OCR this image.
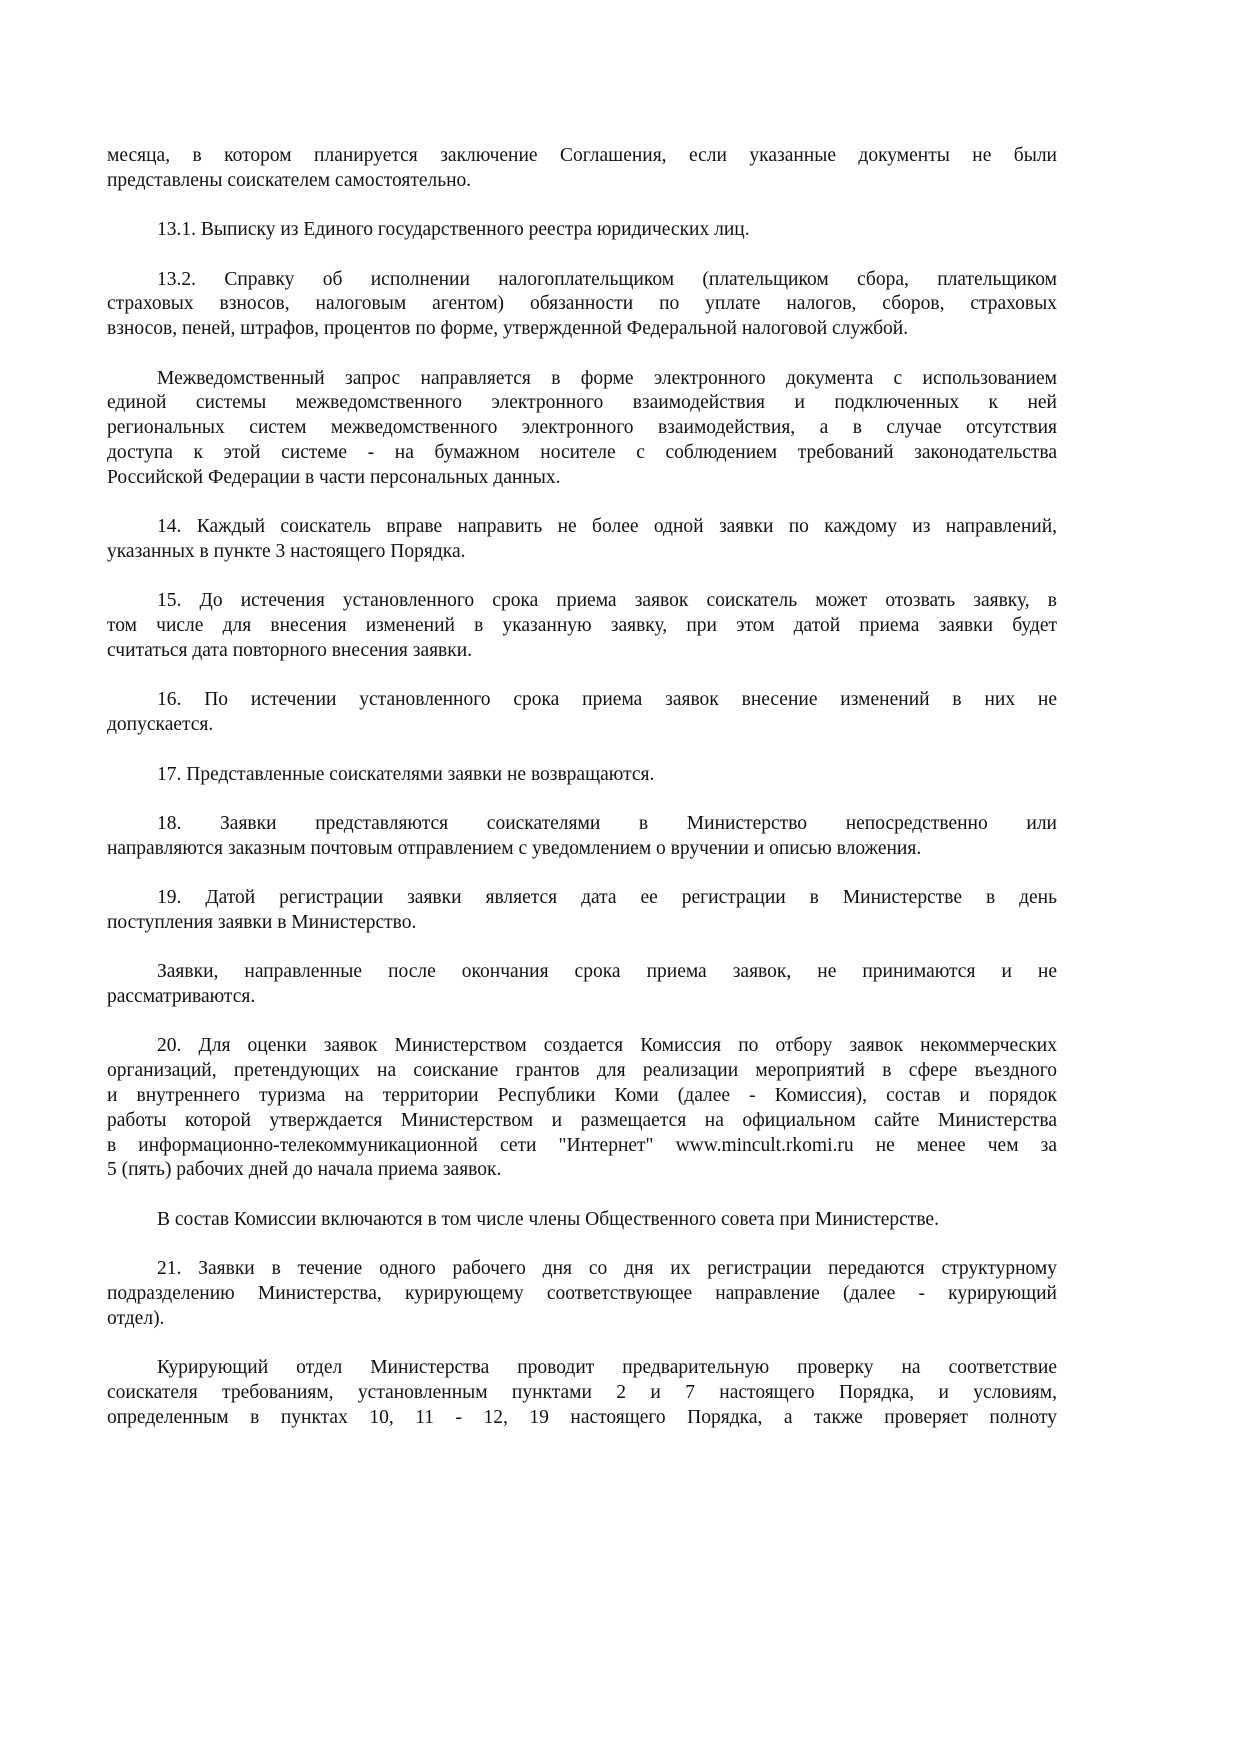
месяца, в котором планируется заключение Соглашения, если указанные документы не были
представлены соискателем самостоятельно.
13.1. Выписку из Единого государственного реестра юридических лиц.
13.2. Справку об исполнении налогоплательщиком (плательщиком сбора, плательщиком
страховых взносов, налоговым агентом) обязанности по уплате налогов, сборов, страховых
взносов, пеней, штрафов, процентов по форме, утвержденной Федеральной налоговой службой.
Межведомственный запрос направляется в форме электронного документа с использованием
единой системы межведомственного электронного взаимодействия и подключенных к ней
региональных систем межведомственного электронного взаимодействия, а в случае отсутствия
доступа к этой системе - на бумажном носителе с соблюдением требований законодательства
Российской Федерации в части персональных данных.
14. Каждый соискатель вправе направить не более одной заявки по каждому из направлений,
указанных в пункте 3 настоящего Порядка.
15. До истечения установленного срока приема заявок соискатель может отозвать заявку, в
том числе для внесения изменений в указанную заявку, при этом датой приема заявки будет
считаться дата повторного внесения заявки.
16. По истечении установленного срока приема заявок внесение изменений в них не
допускается.
17. Представленные соискателями заявки не возвращаются.
18. Заявки представляются соискателями в Министерство непосредственно или
направляются заказным почтовым отправлением с уведомлением о вручении и описью вложения.
19. Датой регистрации заявки является дата ее регистрации в Министерстве в день
поступления заявки в Министерство.
Заявки, направленные после окончания срока приема заявок, не принимаются и не
рассматриваются.
20. Для оценки заявок Министерством создается Комиссия по отбору заявок некоммерческих
организаций, претендующих на соискание грантов для реализации мероприятий в сфере въездного
и внутреннего туризма на территории Республики Коми (далее - Комиссия), состав и порядок
работы которой утверждается Министерством и размещается на официальном сайте Министерства
в информационно-телекоммуникационной сети "Интернет" www.mincult.rkomi.ru не менее чем за
5 (пять) рабочих дней до начала приема заявок.
В состав Комиссии включаются в том числе члены Общественного совета при Министерстве.
21. Заявки в течение одного рабочего дня со дня их регистрации передаются структурному
подразделению Министерства, курирующему соответствующее направление (далее - курирующий
отдел).
Курирующий отдел Министерства проводит предварительную проверку на соответствие
соискателя требованиям, установленным пунктами 2 и 7 настоящего Порядка, и условиям,
определенным в пунктах 10, 11 - 12, 19 настоящего Порядка, а также проверяет полноту
